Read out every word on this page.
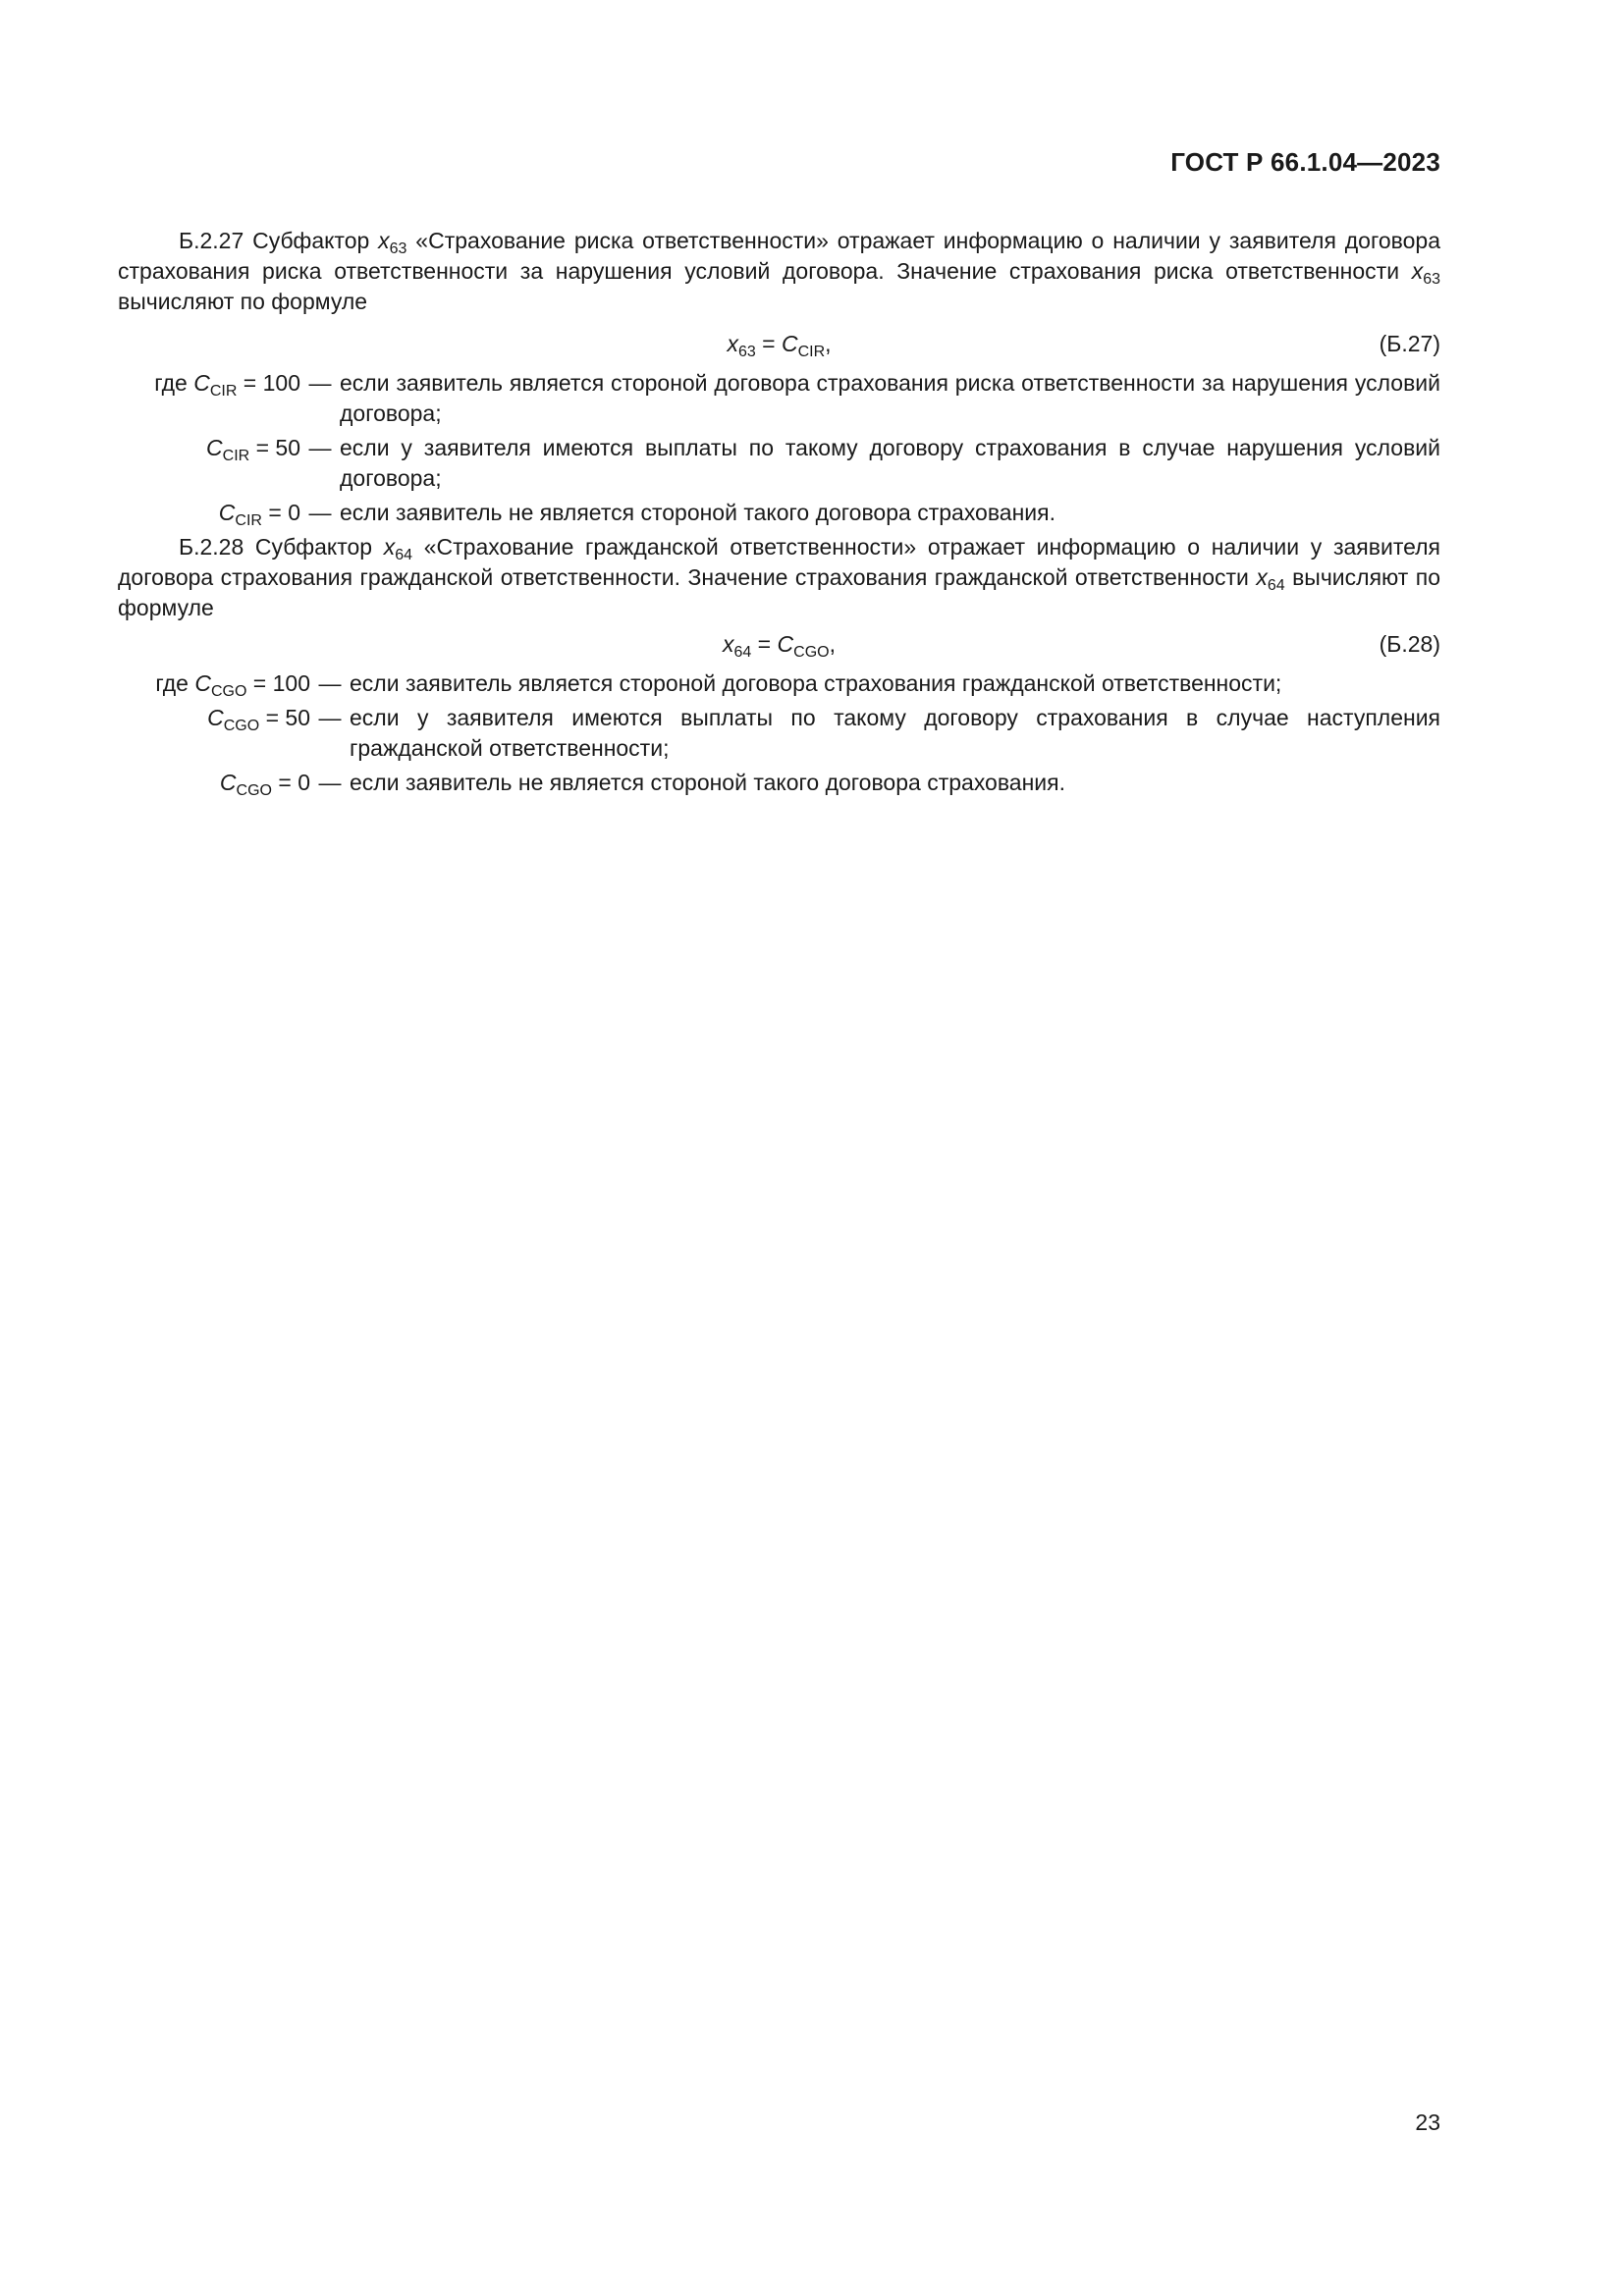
ГОСТ Р 66.1.04—2023

Б.2.27 Субфактор $x_{63}$ «Страхование риска ответственности» отражает информацию о наличии у заявителя договора страхования риска ответственности за нарушения условий договора. Значение страхования риска ответственности $x_{63}$ вычисляют по формуле

$x_{63} = C_{CIR}$,	(Б.27)
где $C_{CIR} = 100$ — если заявитель является стороной договора страхования риска ответственности за нарушения условий договора;
$C_{CIR} = 50$ — если у заявителя имеются выплаты по такому договору страхования в случае нарушения условий договора;
$C_{CIR} = 0$ — если заявитель не является стороной такого договора страхования.

Б.2.28 Субфактор $x_{64}$ «Страхование гражданской ответственности» отражает информацию о наличии у заявителя договора страхования гражданской ответственности. Значение страхования гражданской ответственности $x_{64}$ вычисляют по формуле

$x_{64} = C_{CGO}$,	(Б.28)
где $C_{CGO} = 100$ — если заявитель является стороной договора страхования гражданской ответственности;
$C_{CGO} = 50$ — если у заявителя имеются выплаты по такому договору страхования в случае наступления гражданской ответственности;
$C_{CGO} = 0$ — если заявитель не является стороной такого договора страхования.
23
